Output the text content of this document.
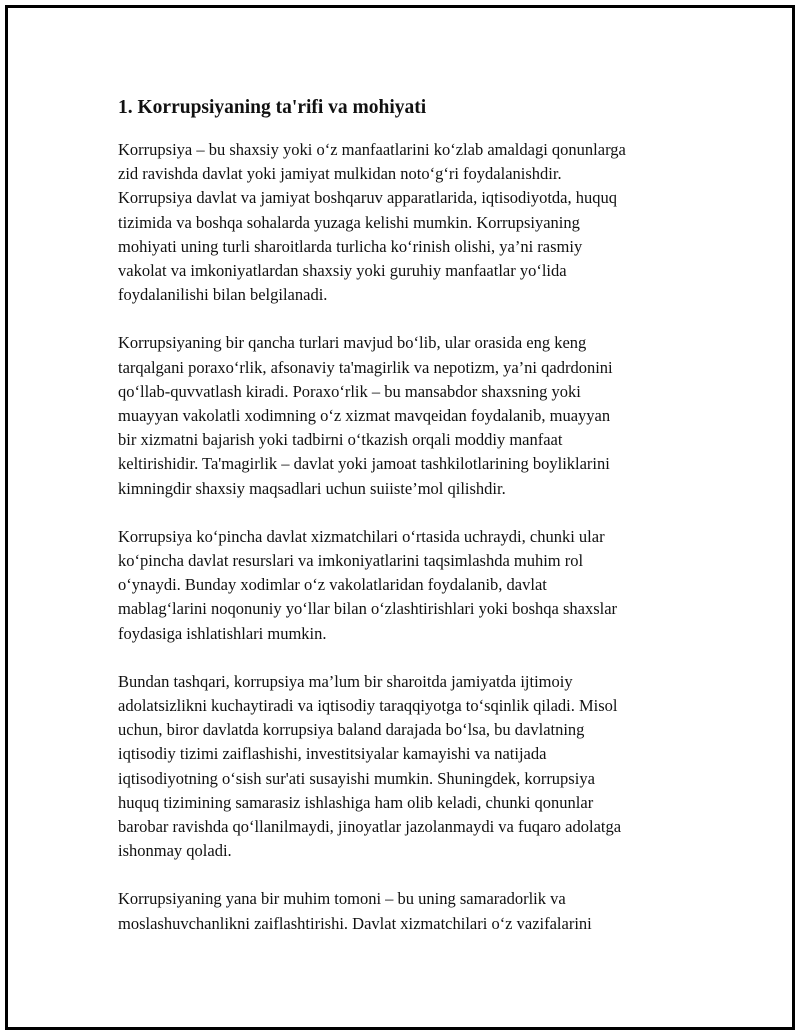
1. Korrupsiyaning ta'rifi va mohiyati
Korrupsiya – bu shaxsiy yoki o‘z manfaatlarini ko‘zlab amaldagi qonunlarga
zid ravishda davlat yoki jamiyat mulkidan noto‘g‘ri foydalanishdir.
Korrupsiya davlat va jamiyat boshqaruv apparatlarida, iqtisodiyotda, huquq
tizimida va boshqa sohalarda yuzaga kelishi mumkin. Korrupsiyaning
mohiyati uning turli sharoitlarda turlicha ko‘rinish olishi, ya’ni rasmiy
vakolat va imkoniyatlardan shaxsiy yoki guruhiy manfaatlar yo‘lida
foydalanilishi bilan belgilanadi.
Korrupsiyaning bir qancha turlari mavjud bo‘lib, ular orasida eng keng
tarqalgani poraxo‘rlik, afsonaviy ta'magirlik va nepotizm, ya’ni qadrdonini
qo‘llab-quvvatlash kiradi. Poraxo‘rlik – bu mansabdor shaxsning yoki
muayyan vakolatli xodimning o‘z xizmat mavqeidan foydalanib, muayyan
bir xizmatni bajarish yoki tadbirni o‘tkazish orqali moddiy manfaat
keltirishidir. Ta'magirlik – davlat yoki jamoat tashkilotlarining boyliklarini
kimningdir shaxsiy maqsadlari uchun suiiste’mol qilishdir.
Korrupsiya ko‘pincha davlat xizmatchilari o‘rtasida uchraydi, chunki ular
ko‘pincha davlat resurslari va imkoniyatlarini taqsimlashda muhim rol
o‘ynaydi. Bunday xodimlar o‘z vakolatlaridan foydalanib, davlat
mablag‘larini noqonuniy yo‘llar bilan o‘zlashtirishlari yoki boshqa shaxslar
foydasiga ishlatishlari mumkin.
Bundan tashqari, korrupsiya ma’lum bir sharoitda jamiyatda ijtimoiy
adolatsizlikni kuchaytiradi va iqtisodiy taraqqiyotga to‘sqinlik qiladi. Misol
uchun, biror davlatda korrupsiya baland darajada bo‘lsa, bu davlatning
iqtisodiy tizimi zaiflashishi, investitsiyalar kamayishi va natijada
iqtisodiyotning o‘sish sur'ati susayishi mumkin. Shuningdek, korrupsiya
huquq tizimining samarasiz ishlashiga ham olib keladi, chunki qonunlar
barobar ravishda qo‘llanilmaydi, jinoyatlar jazolanmaydi va fuqaro adolatga
ishonmay qoladi.
Korrupsiyaning yana bir muhim tomoni – bu uning samaradorlik va
moslashuvchanlikni zaiflashtirishi. Davlat xizmatchilari o‘z vazifalarini
